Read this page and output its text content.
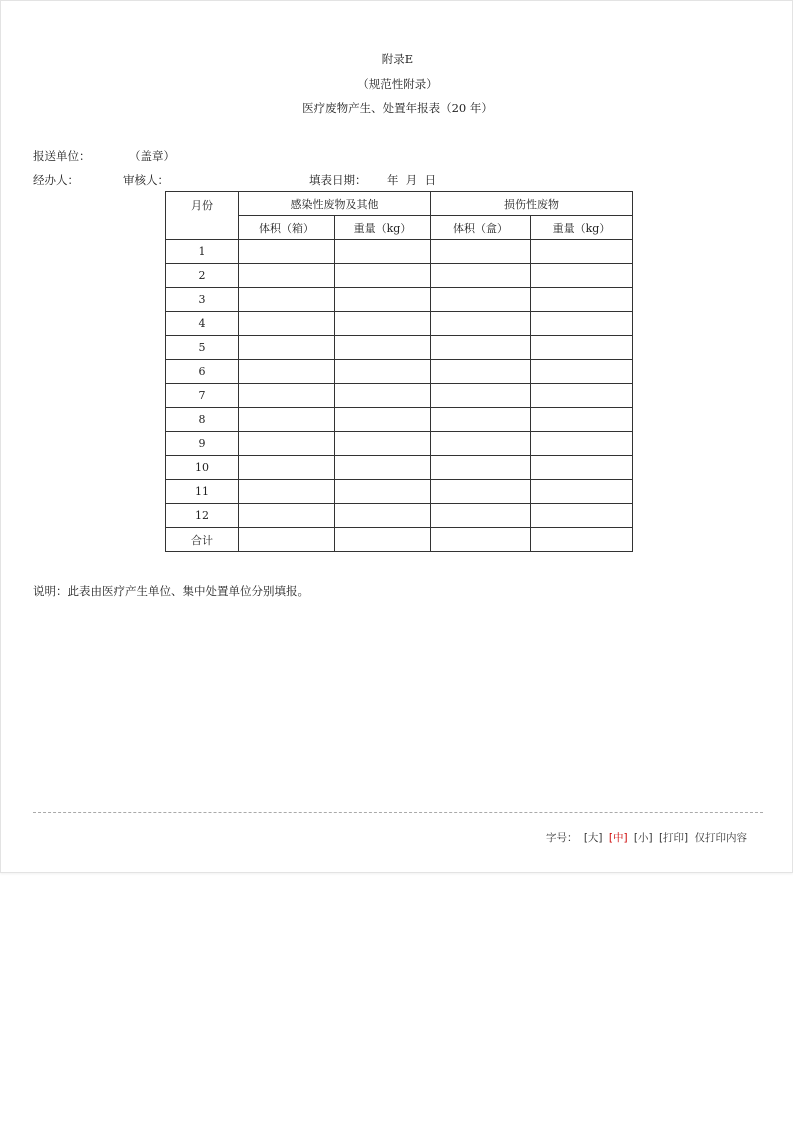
附录E
（规范性附录）
医疗废物产生、处置年报表（20 年）
报送单位：	（盖章）
经办人：	审核人：	填表日期： 年  月  日
月份	感染性废物及其他		损伤性废物	
	体积（箱）	重量（kg）	体积（盒）	重量（kg）
1				
2				
3				
4				
5				
6				
7				
8				
9				
10				
11				
12				
合计				
说明：此表由医疗产生单位、集中处置单位分别填报。
字号： [大] [中] [小] [打印] 仅打印内容
